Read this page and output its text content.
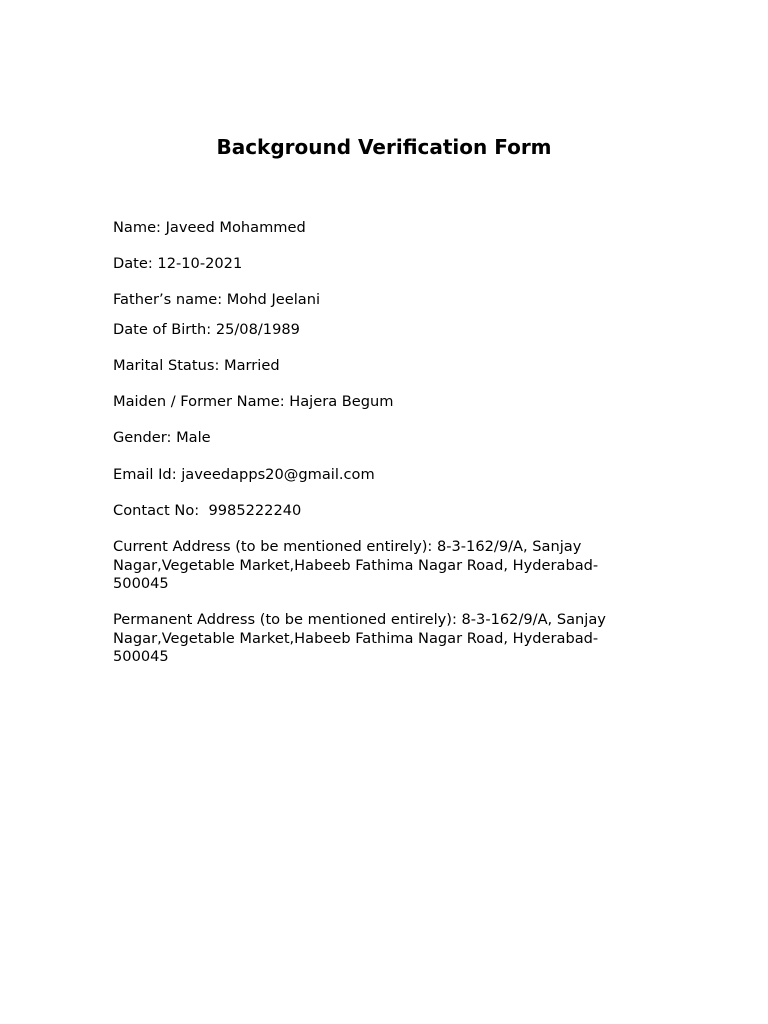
Background Verification Form

Name: Javeed Mohammed

Date: 12-10-2021

Father’s name: Mohd Jeelani

Date of Birth: 25/08/1989

Marital Status: Married

Maiden / Former Name: Hajera Begum

Gender: Male

Email Id: javeedapps20@gmail.com

Contact No:  9985222240

Current Address (to be mentioned entirely): 8-3-162/9/A, Sanjay Nagar,Vegetable Market,Habeeb Fathima Nagar Road, Hyderabad-500045

Permanent Address (to be mentioned entirely): 8-3-162/9/A, Sanjay Nagar,Vegetable Market,Habeeb Fathima Nagar Road, Hyderabad-500045
